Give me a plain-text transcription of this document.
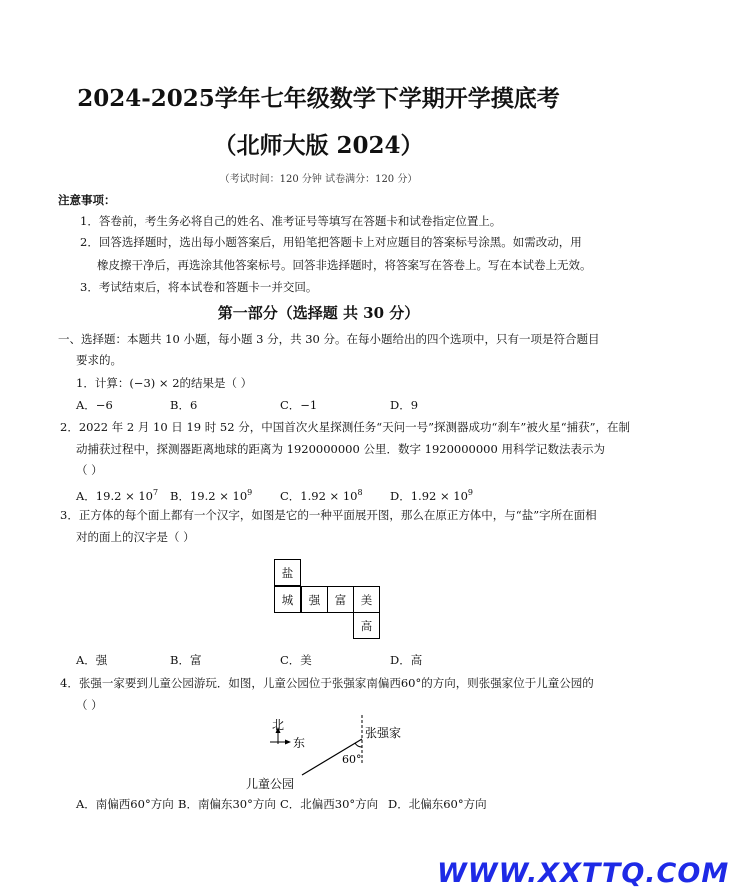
2024-2025学年七年级数学下学期开学摸底考
（北师大版 2024）
（考试时间：120 分钟 试卷满分：120 分）
注意事项：
1．答卷前，考生务必将自己的姓名、准考证号等填写在答题卡和试卷指定位置上。
2．回答选择题时，选出每小题答案后，用铅笔把答题卡上对应题目的答案标号涂黑。如需改动，用
橡皮擦干净后，再选涂其他答案标号。回答非选择题时，将答案写在答卷上。写在本试卷上无效。
3．考试结束后，将本试卷和答题卡一并交回。
第一部分（选择题 共 30 分）
一、选择题：本题共 10 小题，每小题 3 分，共 30 分。在每小题给出的四个选项中，只有一项是符合题目
要求的。
1．计算：(−3) × 2的结果是（ ）
A．−6	B．6	C．−1	D．9
2．2022 年 2 月 10 日 19 时 52 分，中国首次火星探测任务“天问一号”探测器成功“刹车”被火星“捕获”，在制
动捕获过程中，探测器距离地球的距离为 1920000000 公里．数字 1920000000 用科学记数法表示为
（ ）
A．$19.2 \times 10^7$ B．$19.2 \times 10^9$ C．$1.92 \times 10^8$ D．$1.92 \times 10^9$
3．正方体的每个面上都有一个汉字，如图是它的一种平面展开图，那么在原正方体中，与“盐”字所在面相
对的面上的汉字是（ ）
盐
城	强	富	美
高
A．强	B．富	C．美	D．高
4．张强一家要到儿童公园游玩．如图，儿童公园位于张强家南偏西60°的方向，则张强家位于儿童公园的
（ ）
北
东
张强家
儿童公园
60°
A．南偏西60°方向 B．南偏东30°方向 C．北偏西30°方向 D．北偏东60°方向
WWW.XXTTQ.COM
